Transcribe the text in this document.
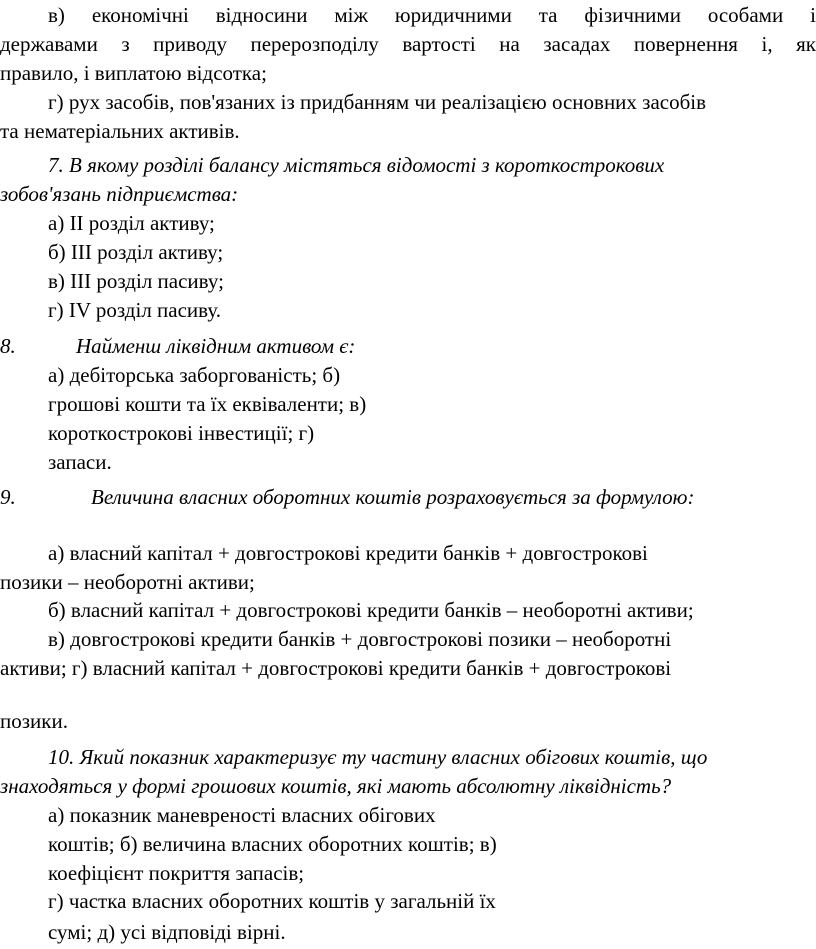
в) економічні відносини між юридичними та фізичними особами і
державами з приводу перерозподілу вартості на засадах повернення і, як

правило, і виплатою відсотка;

г) рух засобів, пов'язаних із придбанням чи реалізацією основних засобів

та нематеріальних активів.

7. В якому розділі балансу містяться відомості з короткострокових

зобов'язань підприємства:

а) II розділ активу;

б) III розділ активу;

в) III розділ пасиву;

г) IV розділ пасиву.

8.	Найменш ліквідним активом є:

а) дебіторська заборгованість; б)

грошові кошти та їх еквіваленти; в)

короткострокові інвестиції; г)

запаси.

9.	Величина власних оборотних коштів розраховується за формулою:

а) власний капітал + довгострокові кредити банків + довгострокові

позики – необоротні активи;

б) власний капітал + довгострокові кредити банків – необоротні активи;

в) довгострокові кредити банків + довгострокові позики – необоротні

активи; г) власний капітал + довгострокові кредити банків + довгострокові

позики.

10. Який показник характеризує ту частину власних обігових коштів, що

знаходяться у формі грошових коштів, які мають абсолютну ліквідність?

а) показник маневреності власних обігових

коштів; б) величина власних оборотних коштів; в)

коефіцієнт покриття запасів;

г) частка власних оборотних коштів у загальній їх

сумі; д) усі відповіді вірні.
